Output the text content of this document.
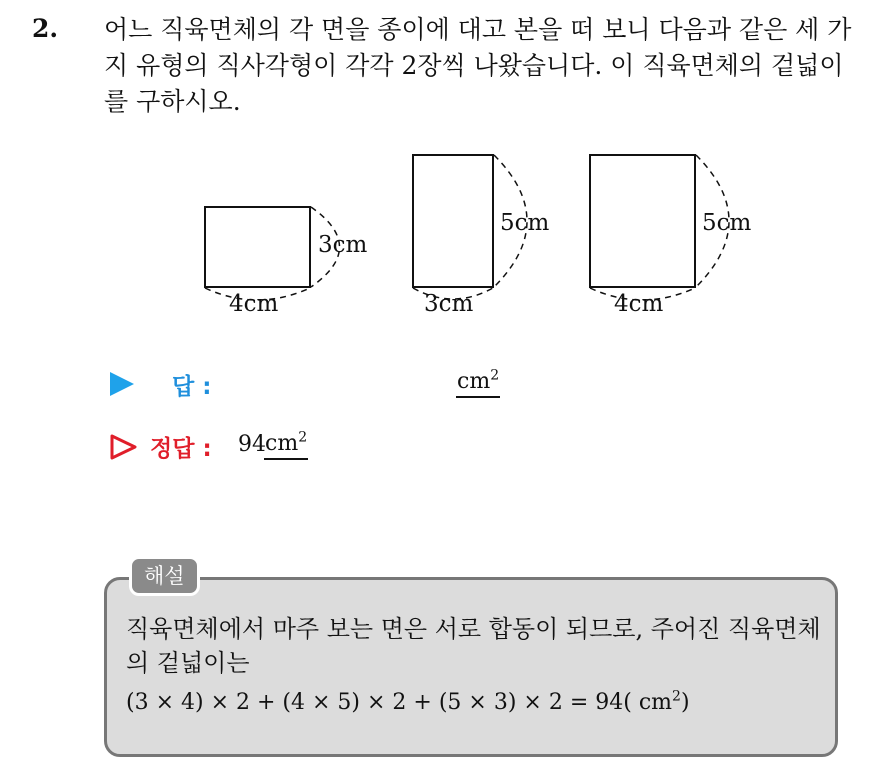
2. 어느 직육면체의 각 면을 종이에 대고 본을 떠 보니 다음과 같은 세 가지 유형의 직사각형이 각각 2장씩 나왔습니다. 이 직육면체의 겉넓이를 구하시오.

4cm
3cm
3cm
5cm
4cm
5cm
답 :	$cm^2$
정답 : 94 $cm^2$
해설

직육면체에서 마주 보는 면은 서로 합동이 되므로, 주어진 직육면체의 겉넓이는

(3 × 4) × 2 + (4 × 5) × 2 + (5 × 3) × 2 = 94( $cm^2$)
